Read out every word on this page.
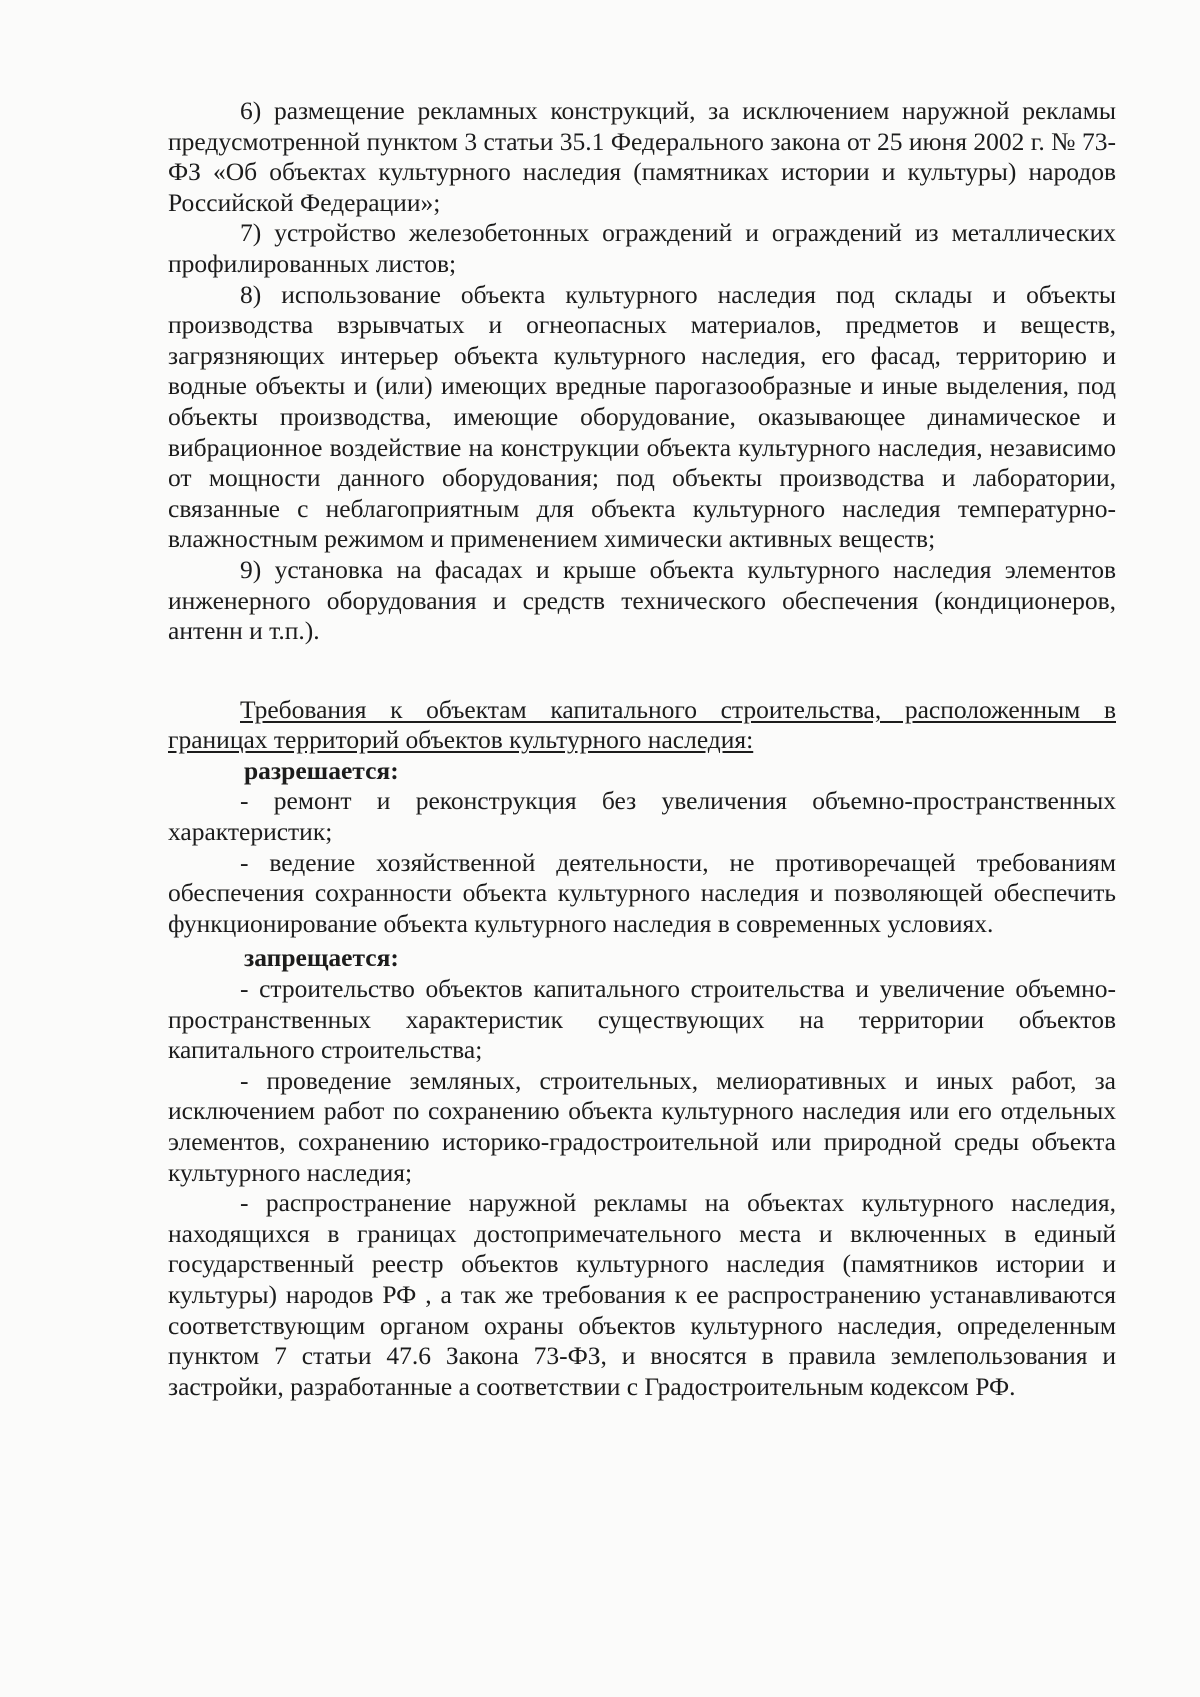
6) размещение рекламных конструкций, за исключением наружной рекламы предусмотренной пунктом 3 статьи 35.1 Федерального закона от 25 июня 2002 г. № 73-ФЗ «Об объектах культурного наследия (памятниках истории и культуры) народов Российской Федерации»;

7) устройство железобетонных ограждений и ограждений из металлических профилированных листов;

8) использование объекта культурного наследия под склады и объекты производства взрывчатых и огнеопасных материалов, предметов и веществ, загрязняющих интерьер объекта культурного наследия, его фасад, территорию и водные объекты и (или) имеющих вредные парогазообразные и иные выделения, под объекты производства, имеющие оборудование, оказывающее динамическое и вибрационное воздействие на конструкции объекта культурного наследия, независимо от мощности данного оборудования; под объекты производства и лаборатории, связанные с неблагоприятным для объекта культурного наследия температурно-влажностным режимом и применением химически активных веществ;

9) установка на фасадах и крыше объекта культурного наследия элементов инженерного оборудования и средств технического обеспечения (кондиционеров, антенн и т.п.).

Требования к объектам капитального строительства, расположенным в границах территорий объектов культурного наследия:

разрешается:

- ремонт и реконструкция без увеличения объемно-пространственных характеристик;

- ведение хозяйственной деятельности, не противоречащей требованиям обеспечения сохранности объекта культурного наследия и позволяющей обеспечить функционирование объекта культурного наследия в современных условиях.

запрещается:

- строительство объектов капитального строительства и увеличение объемно-пространственных характеристик существующих на территории объектов капитального строительства;

- проведение земляных, строительных, мелиоративных и иных работ, за исключением работ по сохранению объекта культурного наследия или его отдельных элементов, сохранению историко-градостроительной или природной среды объекта культурного наследия;

- распространение наружной рекламы на объектах культурного наследия, находящихся в границах достопримечательного места и включенных в единый государственный реестр объектов культурного наследия (памятников истории и культуры) народов РФ , а так же требования к ее распространению устанавливаются соответствующим органом охраны объектов культурного наследия, определенным пунктом 7 статьи 47.6 Закона 73-ФЗ, и вносятся в правила землепользования и застройки, разработанные а соответствии с Градостроительным кодексом РФ.
